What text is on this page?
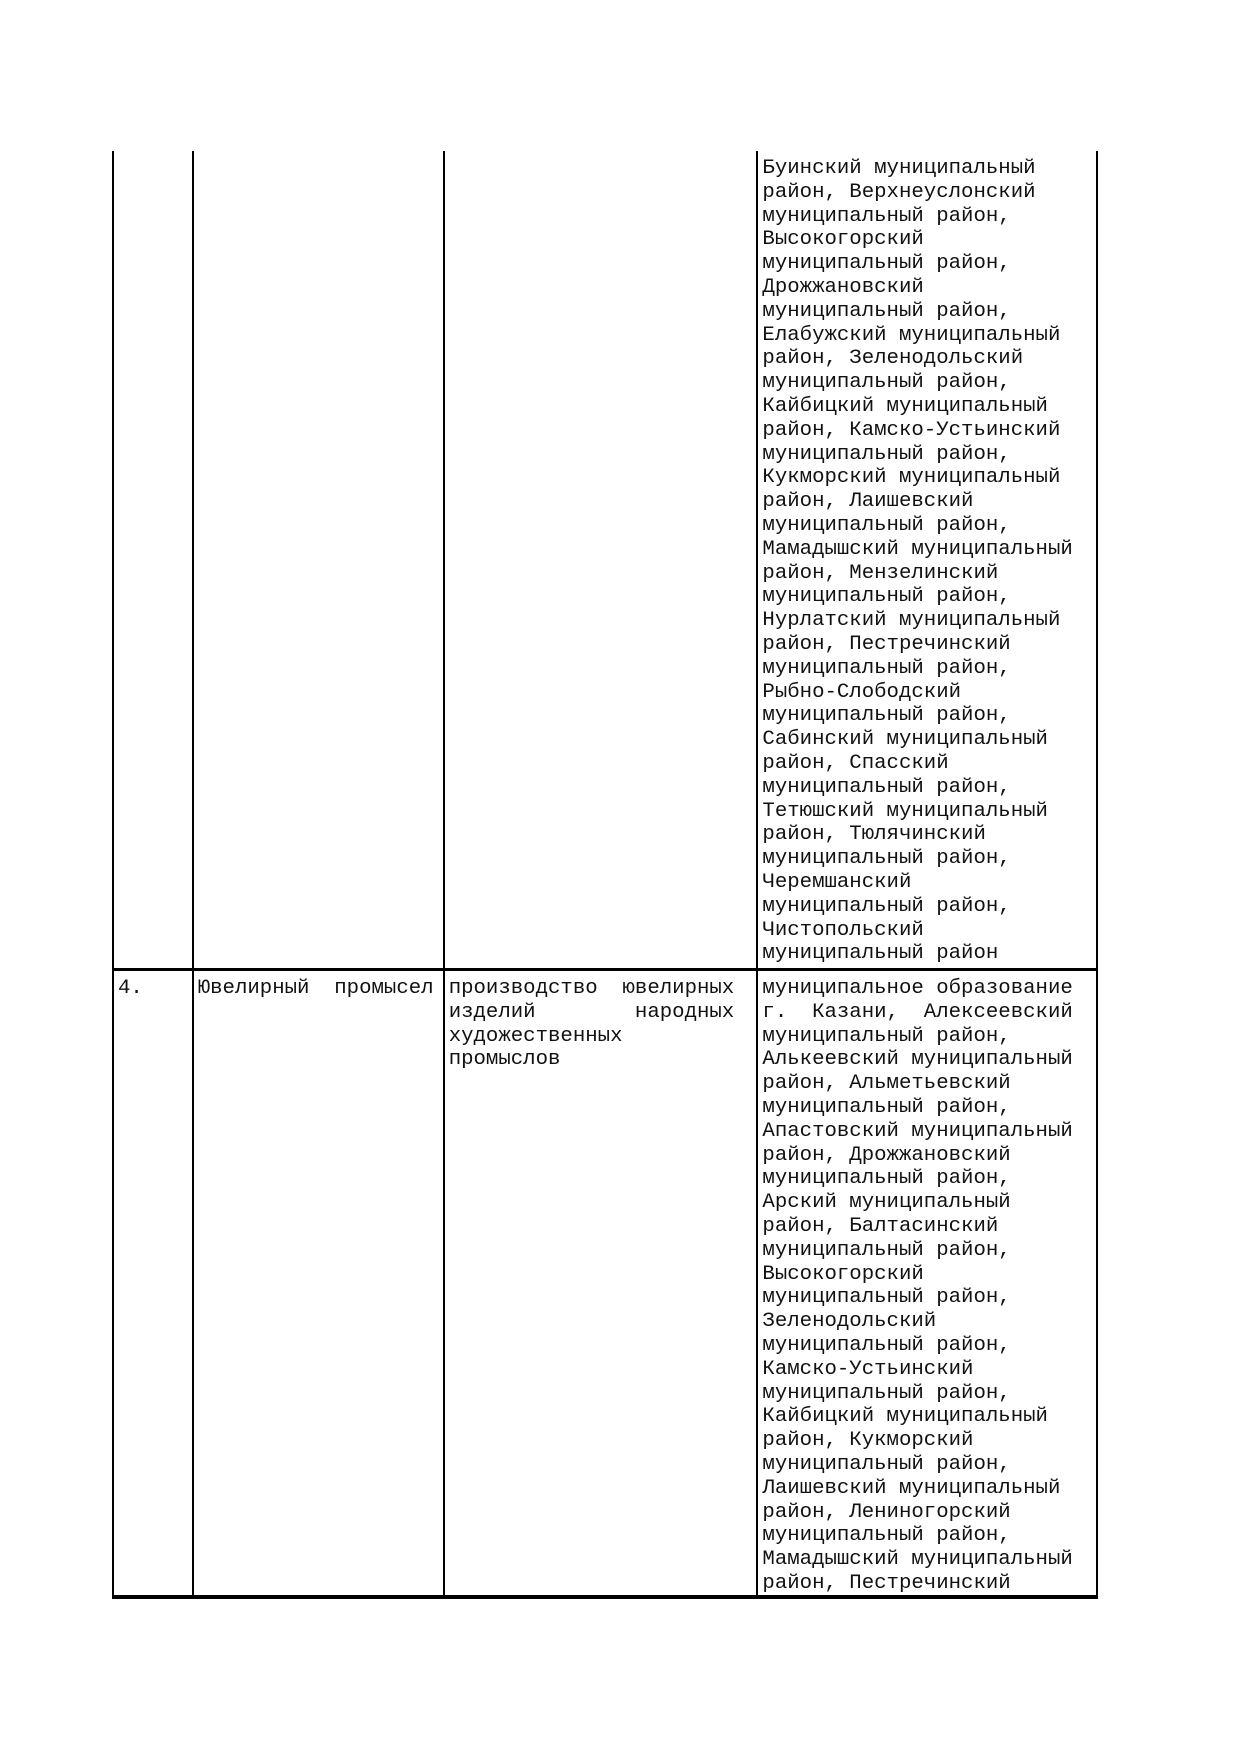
Буинский муниципальный
район, Верхнеуслонский
муниципальный район,
Высокогорский
муниципальный район,
Дрожжановский
муниципальный район,
Елабужский муниципальный
район, Зеленодольский
муниципальный район,
Кайбицкий муниципальный
район, Камско-Устьинский
муниципальный район,
Кукморский муниципальный
район, Лаишевский
муниципальный район,
Мамадышский муниципальный
район, Мензелинский
муниципальный район,
Нурлатский муниципальный
район, Пестречинский
муниципальный район,
Рыбно-Слободский
муниципальный район,
Сабинский муниципальный
район, Спасский
муниципальный район,
Тетюшский муниципальный
район, Тюлячинский
муниципальный район,
Черемшанский
муниципальный район,
Чистопольский
муниципальный район
4.	Ювелирный  промысел производство  ювелирных
изделий        народных
художественных
промыслов
муниципальное образование
г.  Казани,  Алексеевский
муниципальный район,
Алькеевский муниципальный
район, Альметьевский
муниципальный район,
Апастовский муниципальный
район, Дрожжановский
муниципальный район,
Арский муниципальный
район, Балтасинский
муниципальный район,
Высокогорский
муниципальный район,
Зеленодольский
муниципальный район,
Камско-Устьинский
муниципальный район,
Кайбицкий муниципальный
район, Кукморский
муниципальный район,
Лаишевский муниципальный
район, Лениногорский
муниципальный район,
Мамадышский муниципальный
район, Пестречинский
